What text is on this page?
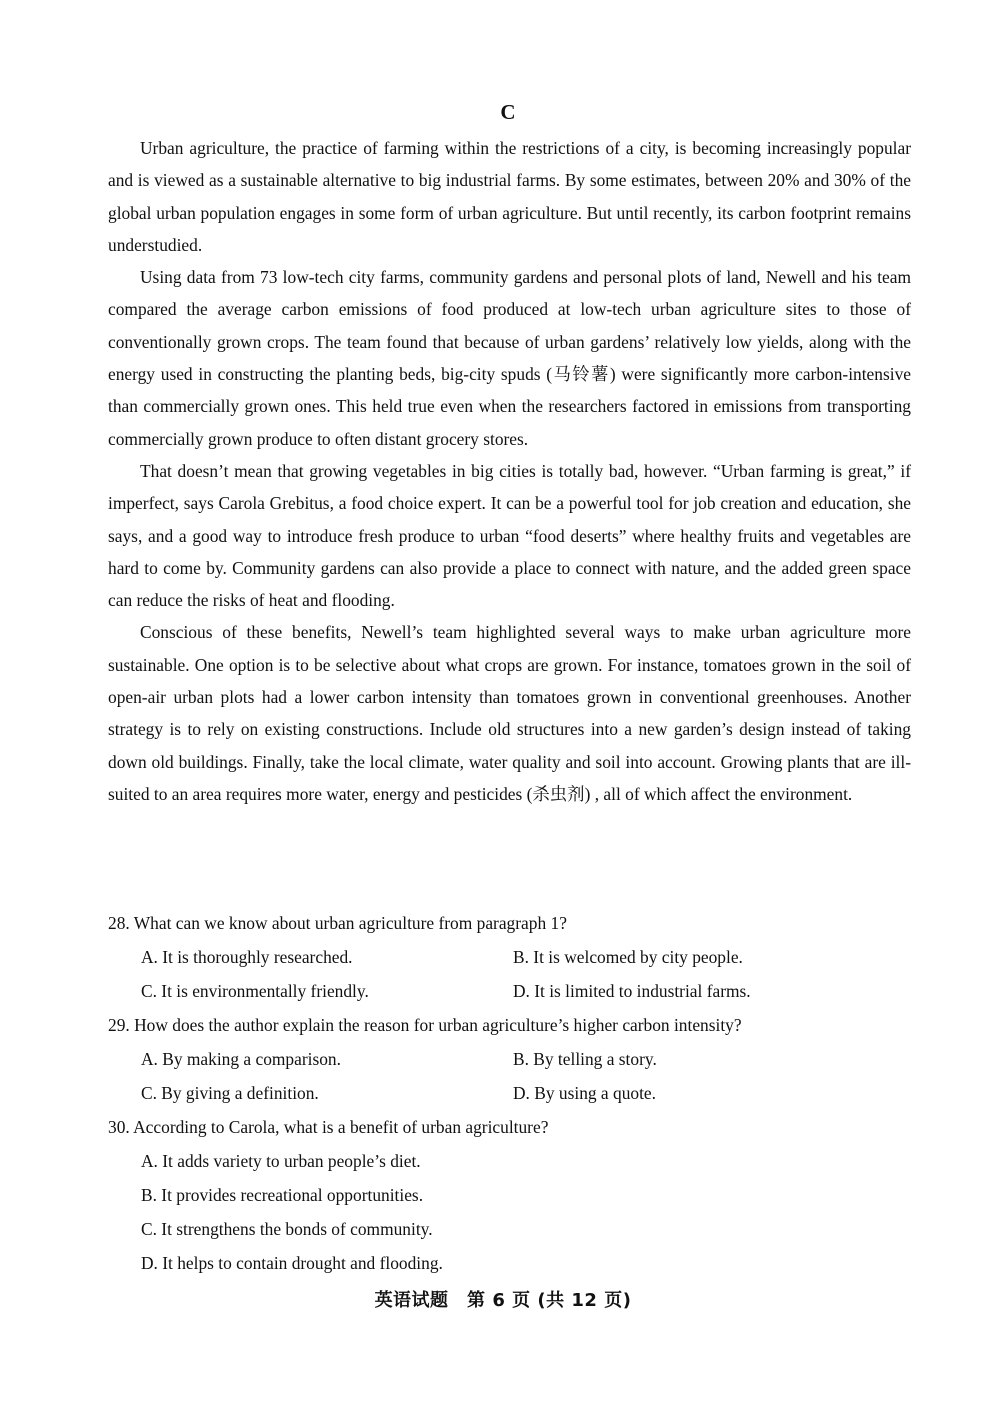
C

Urban agriculture, the practice of farming within the restrictions of a city, is becoming increasingly popular and is viewed as a sustainable alternative to big industrial farms. By some estimates, between 20% and 30% of the global urban population engages in some form of urban agriculture. But until recently, its carbon footprint remains understudied.

Using data from 73 low-tech city farms, community gardens and personal plots of land, Newell and his team compared the average carbon emissions of food produced at low-tech urban agriculture sites to those of conventionally grown crops. The team found that because of urban gardens’ relatively low yields, along with the energy used in constructing the planting beds, big-city spuds (马铃薯) were significantly more carbon-intensive than commercially grown ones. This held true even when the researchers factored in emissions from transporting commercially grown produce to often distant grocery stores.

That doesn’t mean that growing vegetables in big cities is totally bad, however. “Urban farming is great,” if imperfect, says Carola Grebitus, a food choice expert. It can be a powerful tool for job creation and education, she says, and a good way to introduce fresh produce to urban “food deserts” where healthy fruits and vegetables are hard to come by. Community gardens can also provide a place to connect with nature, and the added green space can reduce the risks of heat and flooding.

Conscious of these benefits, Newell’s team highlighted several ways to make urban agriculture more sustainable. One option is to be selective about what crops are grown. For instance, tomatoes grown in the soil of open-air urban plots had a lower carbon intensity than tomatoes grown in conventional greenhouses. Another strategy is to rely on existing constructions. Include old structures into a new garden’s design instead of taking down old buildings. Finally, take the local climate, water quality and soil into account. Growing plants that are ill-suited to an area requires more water, energy and pesticides (杀虫剂) , all of which affect the environment.

28. What can we know about urban agriculture from paragraph 1?
A. It is thoroughly researched.	B. It is welcomed by city people.
C. It is environmentally friendly.	D. It is limited to industrial farms.
29. How does the author explain the reason for urban agriculture’s higher carbon intensity?
A. By making a comparison.	B. By telling a story.
C. By giving a definition.	D. By using a quote.
30. According to Carola, what is a benefit of urban agriculture?
A. It adds variety to urban people’s diet.
B. It provides recreational opportunities.
C. It strengthens the bonds of community.
D. It helps to contain drought and flooding.
英语试题　第 6 页 (共 12 页)
